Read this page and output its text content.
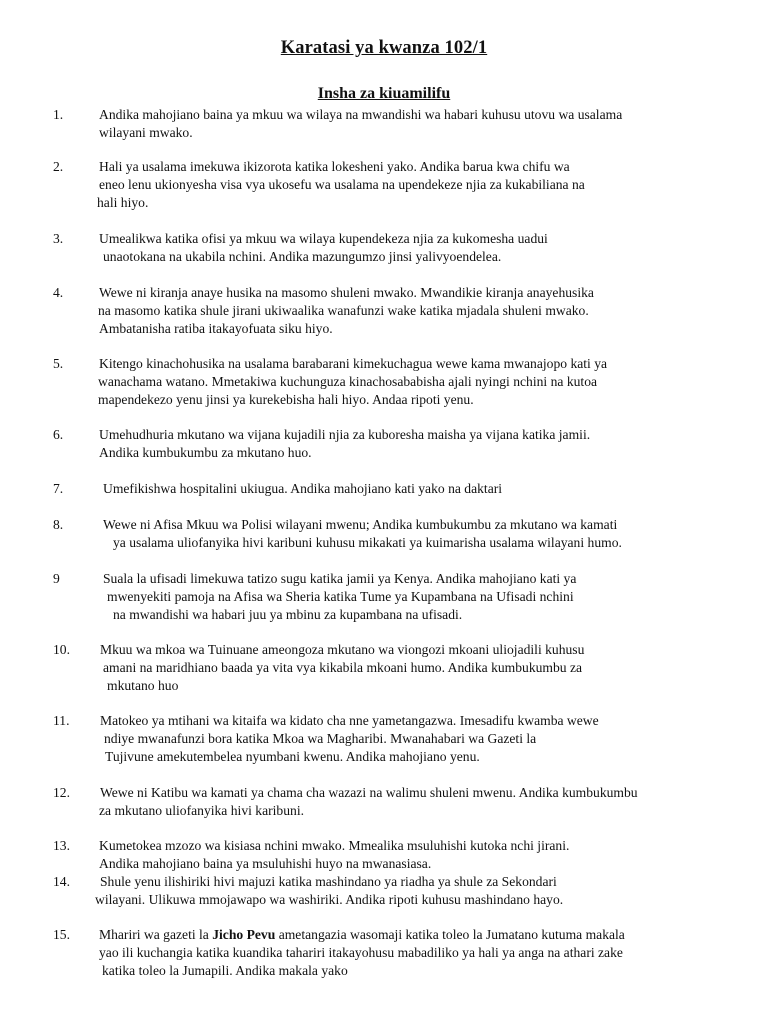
Karatasi ya kwanza 102/1
Insha za kiuamilifu
1.	Andika mahojiano baina ya mkuu wa wilaya na mwandishi wa habari kuhusu utovu wa usalama
wilayani mwako.
2.	Hali ya usalama imekuwa ikizorota katika lokesheni yako. Andika barua kwa chifu wa
eneo lenu ukionyesha visa vya ukosefu wa usalama na upendekeze njia za kukabiliana na
hali hiyo.
3.	Umealikwa katika ofisi ya mkuu wa wilaya kupendekeza njia za kukomesha uadui
unaotokana na ukabila nchini. Andika mazungumzo jinsi yalivyoendelea.
4.	Wewe ni kiranja anaye husika na masomo shuleni mwako. Mwandikie kiranja anayehusika
na masomo katika shule jirani ukiwaalika wanafunzi wake katika mjadala shuleni mwako.
Ambatanisha ratiba itakayofuata siku hiyo.
5.	Kitengo kinachohusika na usalama barabarani kimekuchagua wewe kama mwanajopo kati ya
wanachama watano. Mmetakiwa kuchunguza kinachosababisha ajali nyingi nchini na kutoa
mapendekezo yenu jinsi ya kurekebisha hali hiyo. Andaa ripoti yenu.
6.	Umehudhuria mkutano wa vijana kujadili njia za kuboresha maisha ya vijana katika jamii.
Andika kumbukumbu za mkutano huo.
7.	Umefikishwa hospitalini ukiugua. Andika mahojiano kati yako na daktari
8.	Wewe ni Afisa Mkuu wa Polisi wilayani mwenu; Andika kumbukumbu za mkutano wa kamati
ya usalama uliofanyika hivi karibuni kuhusu mikakati ya kuimarisha usalama wilayani humo.
9	Suala la ufisadi limekuwa tatizo sugu katika jamii ya Kenya. Andika mahojiano kati ya
mwenyekiti pamoja na Afisa wa Sheria katika Tume ya Kupambana na Ufisadi nchini
na mwandishi wa habari juu ya mbinu za kupambana na ufisadi.
10. Mkuu wa mkoa wa Tuinuane ameongoza mkutano wa viongozi mkoani uliojadili kuhusu
amani na maridhiano baada ya vita vya kikabila mkoani humo. Andika kumbukumbu za
mkutano huo
11. Matokeo ya mtihani wa kitaifa wa kidato cha nne yametangazwa. Imesadifu kwamba wewe
ndiye mwanafunzi bora katika Mkoa wa Magharibi. Mwanahabari wa Gazeti la
Tujivune amekutembelea nyumbani kwenu. Andika mahojiano yenu.
12. Wewe ni Katibu wa kamati ya chama cha wazazi na walimu shuleni mwenu. Andika kumbukumbu
za mkutano uliofanyika hivi karibuni.
13. Kumetokea mzozo wa kisiasa nchini mwako. Mmealika msuluhishi kutoka nchi jirani.
Andika mahojiano baina ya msuluhishi huyo na mwanasiasa.
14. Shule yenu ilishiriki hivi majuzi katika mashindano ya riadha ya shule za Sekondari
wilayani. Ulikuwa mmojawapo wa washiriki. Andika ripoti kuhusu mashindano hayo.
15. Mhariri wa gazeti la Jicho Pevu ametangazia wasomaji katika toleo la Jumatano kutuma makala
yao ili kuchangia katika kuandika tahariri itakayohusu mabadiliko ya hali ya anga na athari zake
katika toleo la Jumapili. Andika makala yako
